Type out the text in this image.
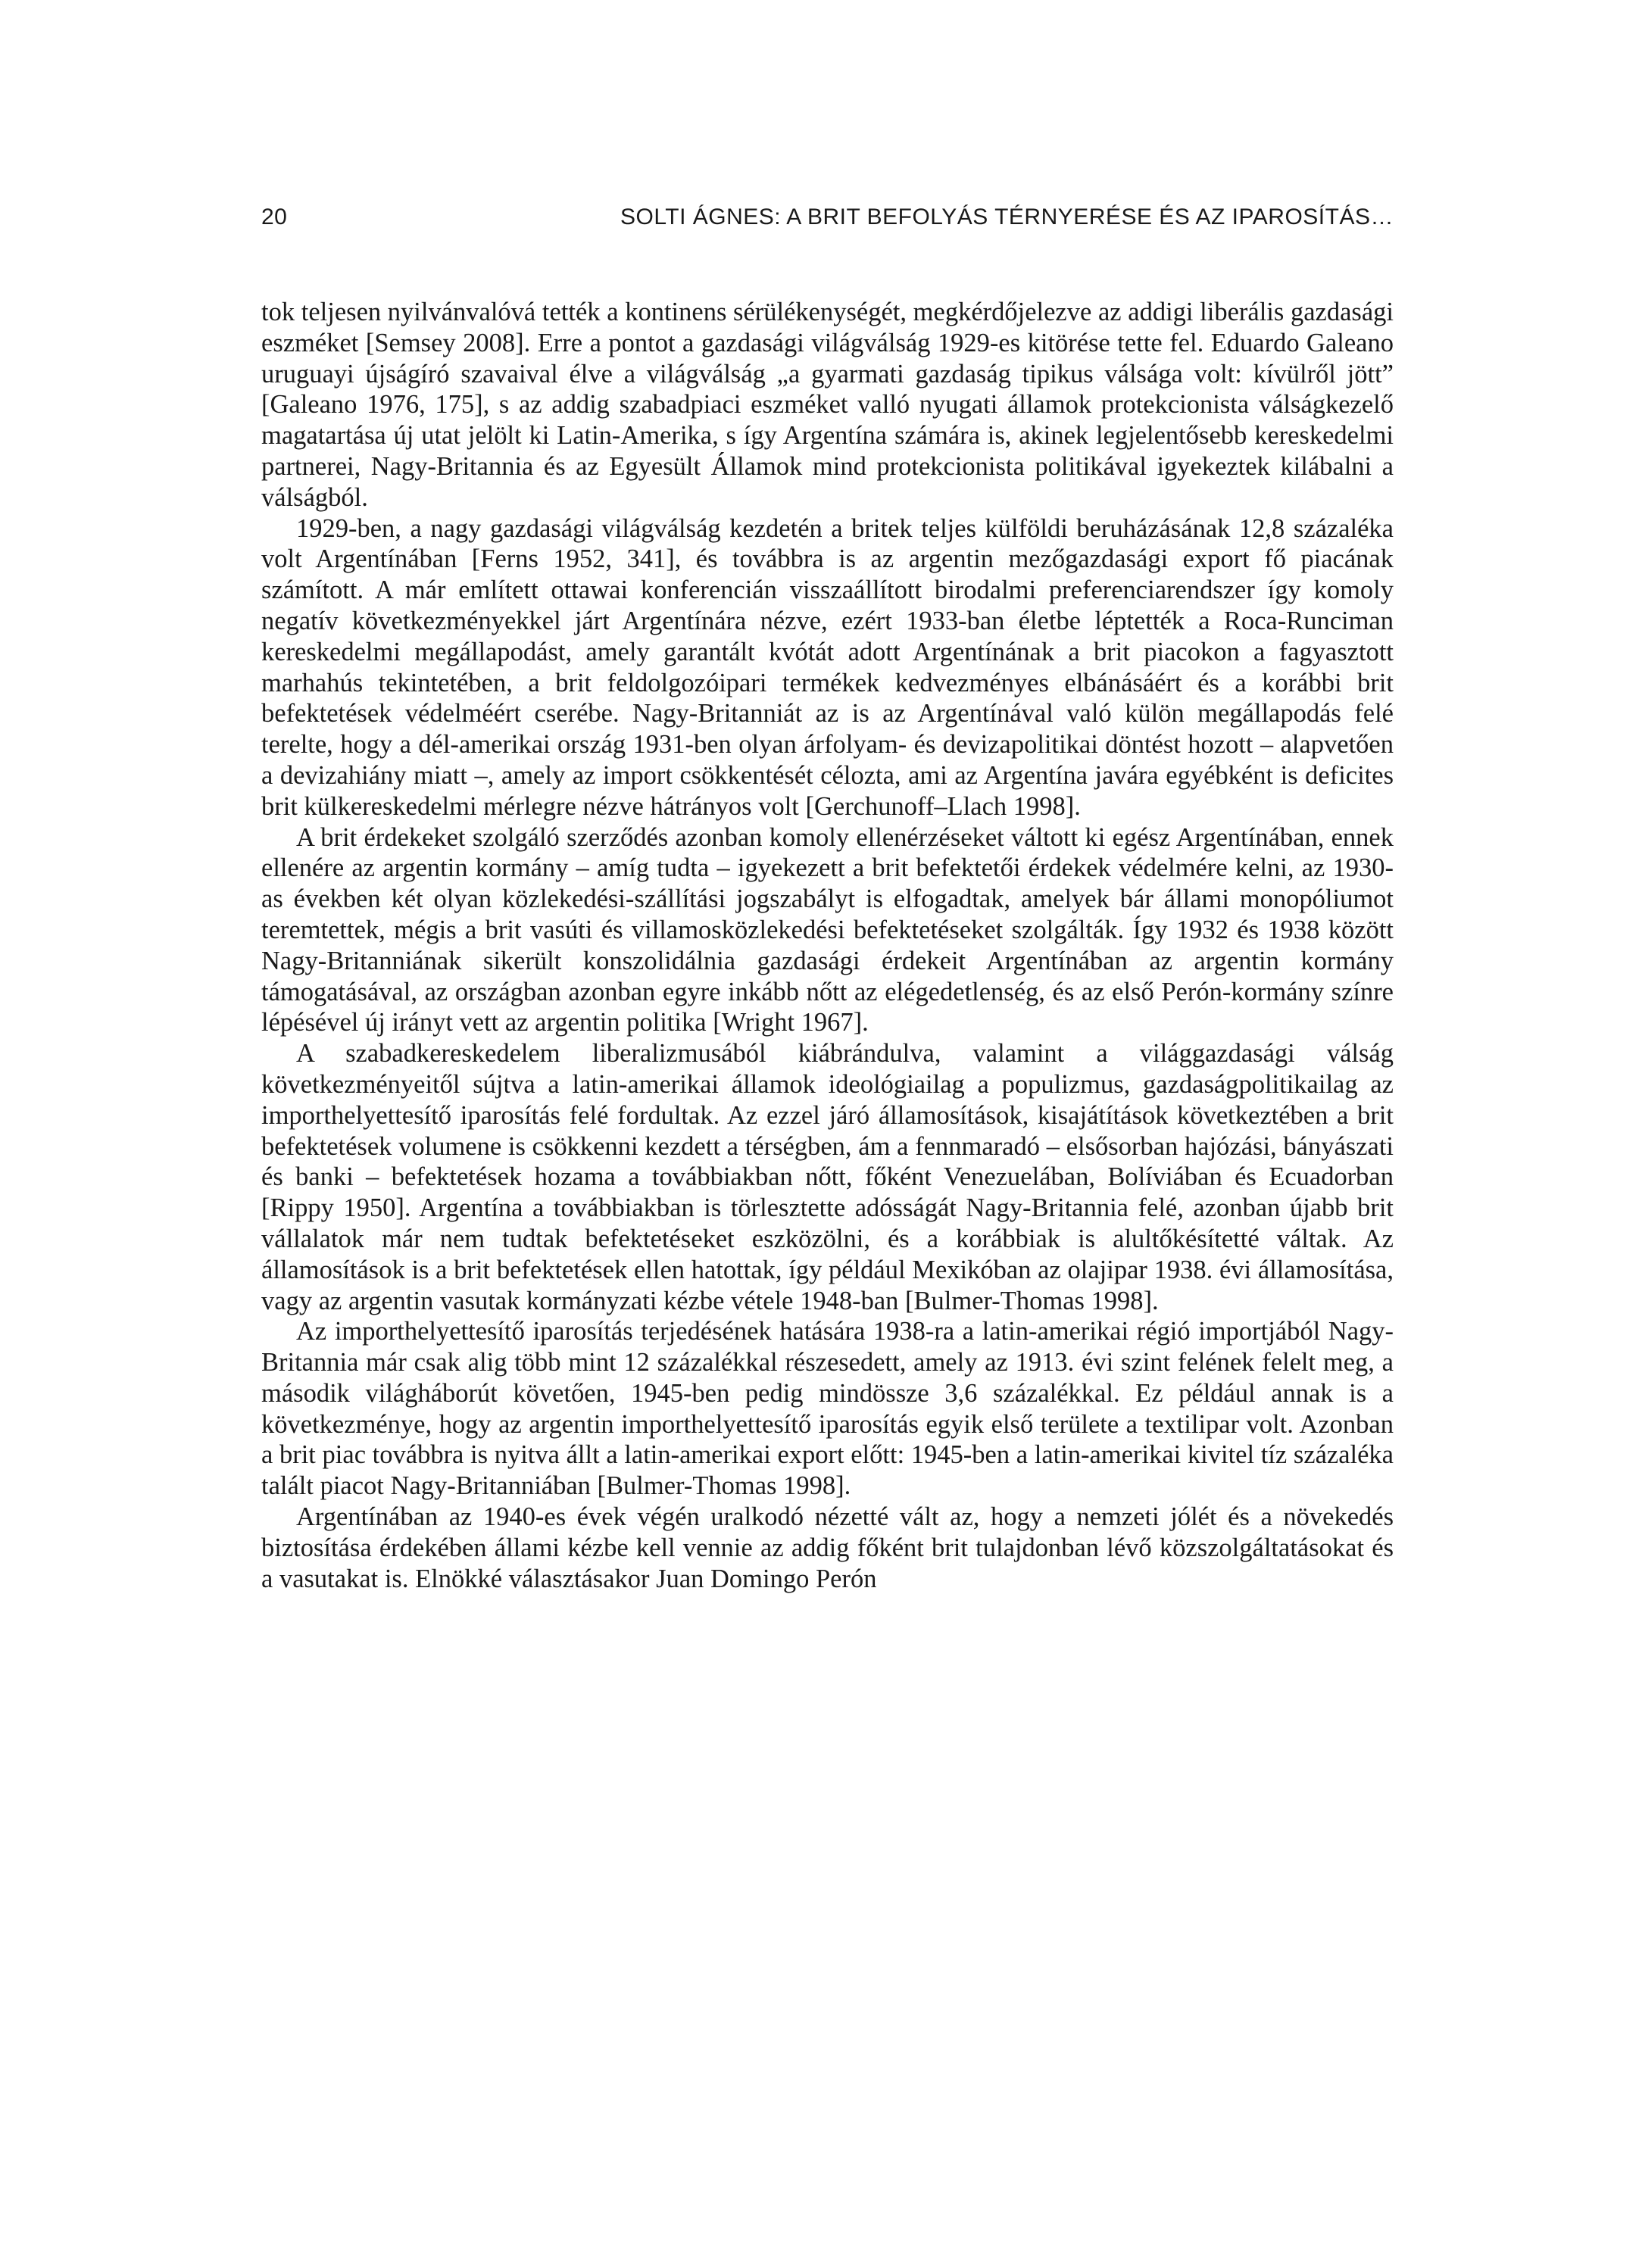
20	SOLTI ÁGNES: A BRIT BEFOLYÁS TÉRNYERÉSE ÉS AZ IPAROSÍTÁS…

tok teljesen nyilvánvalóvá tették a kontinens sérülékenységét, megkérdőjelezve az addigi liberális gazdasági eszméket [Semsey 2008]. Erre a pontot a gazdasági világválság 1929-es kitörése tette fel. Eduardo Galeano uruguayi újságíró szavaival élve a világválság „a gyarmati gazdaság tipikus válsága volt: kívülről jött” [Galeano 1976, 175], s az addig szabadpiaci eszméket valló nyugati államok protekcionista válságkezelő magatartása új utat jelölt ki Latin-Amerika, s így Argentína számára is, akinek legjelentősebb kereskedelmi partnerei, Nagy-Britannia és az Egyesült Államok mind protekcionista politikával igyekeztek kilábalni a válságból.

1929-ben, a nagy gazdasági világválság kezdetén a britek teljes külföldi beruházásának 12,8 százaléka volt Argentínában [Ferns 1952, 341], és továbbra is az argentin mezőgazdasági export fő piacának számított. A már említett ottawai konferencián visszaállított birodalmi preferenciarendszer így komoly negatív következményekkel járt Argentínára nézve, ezért 1933-ban életbe léptették a Roca-Runciman kereskedelmi megállapodást, amely garantált kvótát adott Argentínának a brit piacokon a fagyasztott marhahús tekintetében, a brit feldolgozóipari termékek kedvezményes elbánásáért és a korábbi brit befektetések védelméért cserébe. Nagy-Britanniát az is az Argentínával való külön megállapodás felé terelte, hogy a dél-amerikai ország 1931-ben olyan árfolyam- és devizapolitikai döntést hozott – alapvetően a devizahiány miatt –, amely az import csökkentését célozta, ami az Argentína javára egyébként is deficites brit külkereskedelmi mérlegre nézve hátrányos volt [Gerchunoff–Llach 1998].

A brit érdekeket szolgáló szerződés azonban komoly ellenérzéseket váltott ki egész Argentínában, ennek ellenére az argentin kormány – amíg tudta – igyekezett a brit befektetői érdekek védelmére kelni, az 1930-as években két olyan közlekedési-szállítási jogszabályt is elfogadtak, amelyek bár állami monopóliumot teremtettek, mégis a brit vasúti és villamosközlekedési befektetéseket szolgálták. Így 1932 és 1938 között Nagy-Britanniának sikerült konszolidálnia gazdasági érdekeit Argentínában az argentin kormány támogatásával, az országban azonban egyre inkább nőtt az elégedetlenség, és az első Perón-kormány színre lépésével új irányt vett az argentin politika [Wright 1967].

A szabadkereskedelem liberalizmusából kiábrándulva, valamint a világgazdasági válság következményeitől sújtva a latin-amerikai államok ideológiailag a populizmus, gazdaságpolitikailag az importhelyettesítő iparosítás felé fordultak. Az ezzel járó államosítások, kisajátítások következtében a brit befektetések volumene is csökkenni kezdett a térségben, ám a fennmaradó – elsősorban hajózási, bányászati és banki – befektetések hozama a továbbiakban nőtt, főként Venezuelában, Bolíviában és Ecuadorban [Rippy 1950]. Argentína a továbbiakban is törlesztette adósságát Nagy-Britannia felé, azonban újabb brit vállalatok már nem tudtak befektetéseket eszközölni, és a korábbiak is alultőkésítetté váltak. Az államosítások is a brit befektetések ellen hatottak, így például Mexikóban az olajipar 1938. évi államosítása, vagy az argentin vasutak kormányzati kézbe vétele 1948-ban [Bulmer-Thomas 1998].

Az importhelyettesítő iparosítás terjedésének hatására 1938-ra a latin-amerikai régió importjából Nagy-Britannia már csak alig több mint 12 százalékkal részesedett, amely az 1913. évi szint felének felelt meg, a második világháborút követően, 1945-ben pedig mindössze 3,6 százalékkal. Ez például annak is a következménye, hogy az argentin importhelyettesítő iparosítás egyik első területe a textilipar volt. Azonban a brit piac továbbra is nyitva állt a latin-amerikai export előtt: 1945-ben a latin-amerikai kivitel tíz százaléka talált piacot Nagy-Britanniában [Bulmer-Thomas 1998].

Argentínában az 1940-es évek végén uralkodó nézetté vált az, hogy a nemzeti jólét és a növekedés biztosítása érdekében állami kézbe kell vennie az addig főként brit tulajdonban lévő közszolgáltatásokat és a vasutakat is. Elnökké választásakor Juan Domingo Perón
